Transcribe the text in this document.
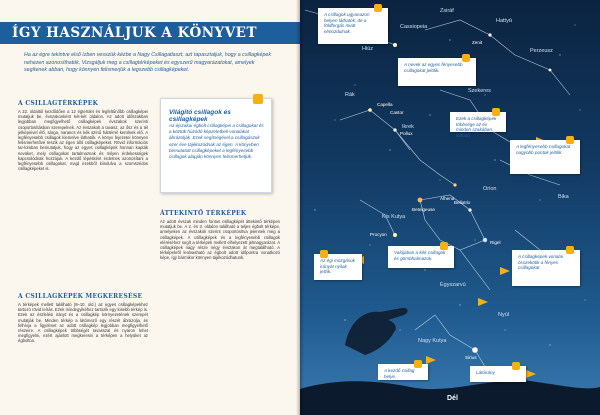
ÍGY HASZNÁLJUK A KÖNYVET
Ha az égre tekintve első ízben vesszük kézbe a Nagy Csillagatlaszt, azt tapasztaljuk, hogy a csillagképek nehezen azonosíthatók. Vizsgáljuk meg a csillagtérképeket és egyszerű magyarázatokat, amelyek segítenek abban, hogy könnyen felismerjük a legszebb csillagképeket.
A CSILLAGTÉRKÉPEK

A 22. oldaltól kezdődően a 12 égterület és legfeltűnőbb csillagképei mutatjuk be, évszakonként két-két oldalon. Az adott időszakban legjobban megfigyelhető csillagképek évszakok szerinti csoportosításban szerepelnek. Az évszakok a tavasz, az ősz és a tél jelképeivel élő, sárga, narancs és kék színű háttérrel kerülnek elő. A legfényesebb csillagok kiemelve láthatók. A könyv fejezetei könnyen felismerhetővé teszik az égen álló csillagképeket. Rövid információs tar-lomban bemutatjuk, hogy az egyes csillagképek honnan kapták nevüket, mely csillagokat tartalmaznak és milyen érdekességek kapcsolódnak hozzájuk. A kezdő lépésként érdemes azonosítani a legfényesebb csillagokat, majd ezekből kiindulva a szomszédos csillagképeket is.

A CSILLAGKÉPEK MEGKERESÉSE

A térképek mellett található (8–10. old.) az egyes csillagképekhez tartozó rövid leírás. Ezek mindegyikéhez tartozik egy kisebb térkép is. Ezek az észlelési irányt és a csillagkép környezetének szerepét mutatják be. Minden térkép a látómező egy részét ábrázolja, és felhívja a figyelmet az adott csillagkép legjobban megfigyelhető részeire. A csillagképek többségét tavasszal és nyáron lehet megfigyelni, ezért ajánlott megkeresni a térképen a helyüket az égbolton.

Világító csillagok és csillagképek
Az éjszakai égbolt csillagképei a csillagokat és a köztük húzódó képzeletbeli vonalakat ábrázolják. Ezek segítségével a csillagászok ezer éve tájékozódnak az égen. A könyvben bemutatott csillagképeket a legfényesebb csillagok alapján könnyen felismerhetjük.
ÁTTEKINTŐ TÉRKÉPEK

Az adott évszak minden fontos csillagképét áttekintő térképen mutatjuk be. A 2. és 3. oldalon található a teljes égbolt térképe, amelyeken az évszakok szerint csoportosítva jelennek meg a csillagképek. A csillagképek és a legfényesebb csillagok eléréséhez segít a térképek mellett elhelyezett jelmagyarázat. A csillagképek nagy része négy évszakon át megtalálható. A térképekről leolvasható az égbolt adott időpontra vonatkozó képe, így bármikor könnyen tájékozódhatunk.

A csillagok ugyanazon helyen láthatók, de a földforgás miatt elmozdulnak.
A nevek az egyes fényesebb csillagokat jelölik.
A legfényesebb csillagokat nagyobb pontok jelölik.
Az égi mozgások irányát nyilak jelzik.
Valójában a kék csillagok és gömbhalmazok.	A csillagképek vonalai összekötik a fényes csillagokat.
A kezdő csillag helye.
Látóirány
Ezek a csillagképek többsége az év minden szakában látható.
Hattyú
Cassiopeia
Perzeusz
Ikrek
Rák
Orion
Kis Kutya
Egyszarvú
Nagy Kutya
Nyúl
Bika
Szekeres
Hiúz
Zsiráf
Capella
Castor
Pollux
Procyon
Betelgeuse
Bellatrix
Rigel
Sirius
Aldebaran
Alhena
Zenit
Dél
